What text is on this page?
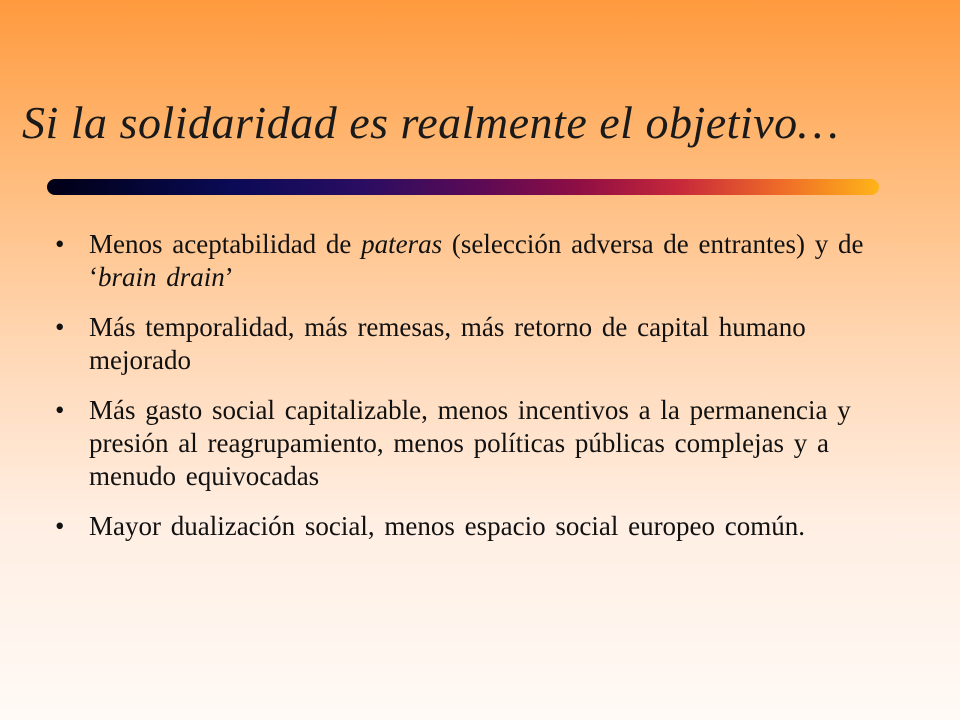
Si la solidaridad es realmente el objetivo…
• Menos aceptabilidad de pateras (selección adversa de entrantes) y de ‘brain drain’
• Más temporalidad, más remesas, más retorno de capital humano mejorado
• Más gasto social capitalizable, menos incentivos a la permanencia y presión al reagrupamiento, menos políticas públicas complejas y a menudo equivocadas
• Mayor dualización social, menos espacio social europeo común.
